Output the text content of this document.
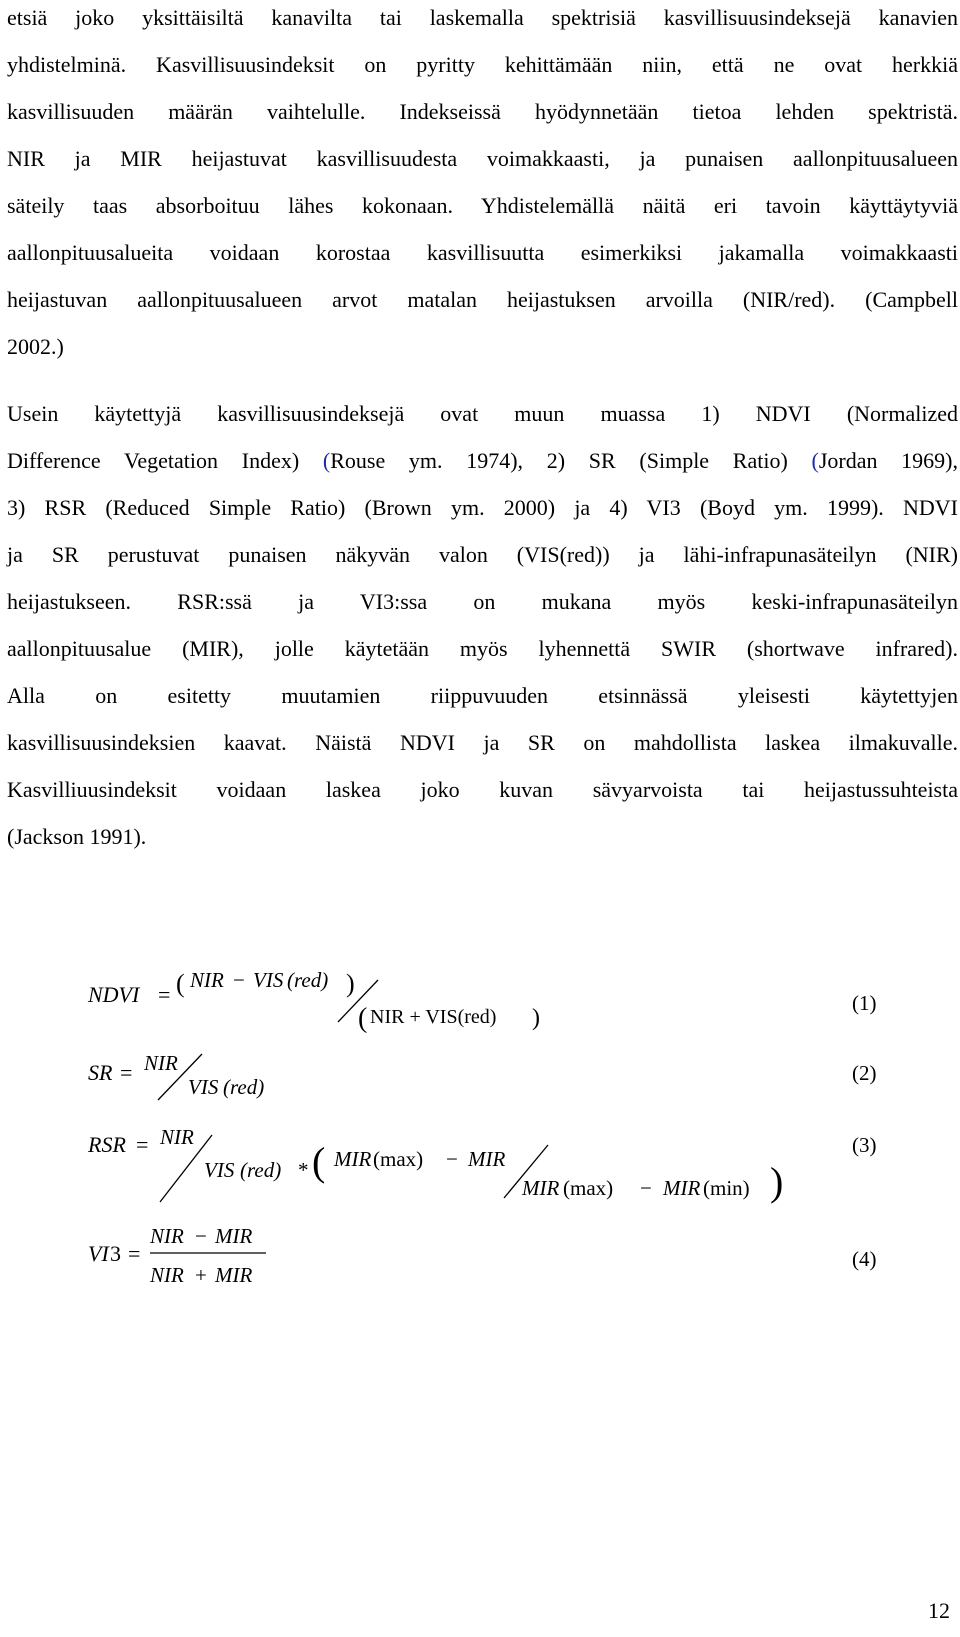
etsiä joko yksittäisiltä kanavilta tai laskemalla spektrisiä kasvillisuusindeksejä kanavien
yhdistelminä. Kasvillisuusindeksit on pyritty kehittämään niin, että ne ovat herkkiä
kasvillisuuden määrän vaihtelulle. Indekseissä hyödynnetään tietoa lehden spektristä.
NIR ja MIR heijastuvat kasvillisuudesta voimakkaasti, ja punaisen aallonpituusalueen
säteily taas absorboituu lähes kokonaan. Yhdistelemällä näitä eri tavoin käyttäytyviä
aallonpituusalueita voidaan korostaa kasvillisuutta esimerkiksi jakamalla voimakkaasti
heijastuvan aallonpituusalueen arvot matalan heijastuksen arvoilla (NIR/red). (Campbell
2002.)
Usein käytettyjä kasvillisuusindeksejä ovat muun muassa 1) NDVI (Normalized
Difference Vegetation Index) (Rouse ym. 1974), 2) SR (Simple Ratio) (Jordan 1969),
3) RSR (Reduced Simple Ratio) (Brown ym. 2000) ja 4) VI3 (Boyd ym. 1999). NDVI
ja SR perustuvat punaisen näkyvän valon (VIS(red)) ja lähi-infrapunasäteilyn (NIR)
heijastukseen. RSR:ssä ja VI3:ssa on mukana myös keski-infrapunasäteilyn
aallonpituusalue (MIR), jolle käytetään myös lyhennettä SWIR (shortwave infrared).
Alla on esitetty muutamien riippuvuuden etsinnässä yleisesti käytettyjen
kasvillisuusindeksien kaavat. Näistä NDVI ja SR on mahdollista laskea ilmakuvalle.
Kasvilliuusindeksit voidaan laskea joko kuvan sävyarvoista tai heijastussuhteista
(Jackson 1991).
NDVI = ( NIR − VIS (red) )
( NIR + VIS(red) )
(1)
SR = NIR
VIS (red)
(2)
RSR = NIR
VIS (red) * ( MIR (max) − MIR
MIR (max) − MIR (min) )
(3)
VI 3 =
NIR − MIR
NIR + MIR
(4)
12
